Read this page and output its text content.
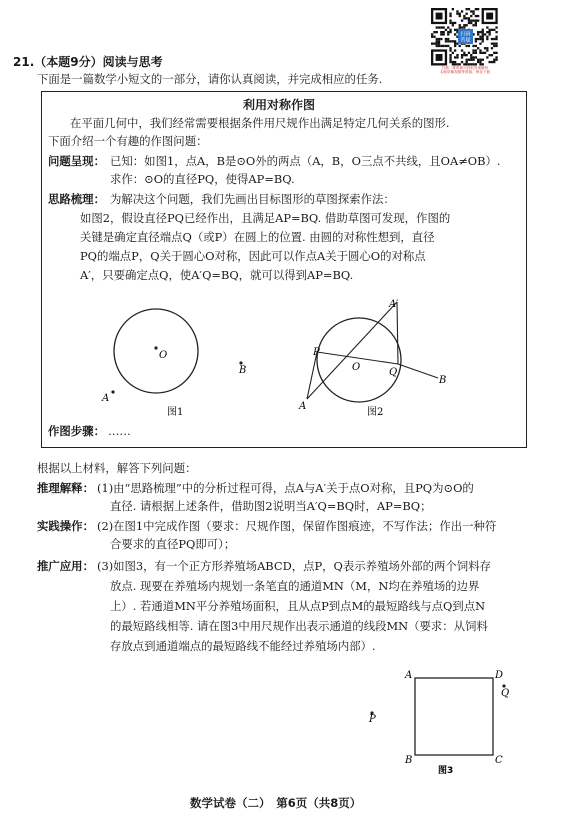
扫码
答疑
扫描二维码即可获取答案解析
名师讲解视频等资源，保存下载
21.（本题9分）阅读与思考
下面是一篇数学小短文的一部分，请你认真阅读，并完成相应的任务.
利用对称作图
在平面几何中，我们经常需要根据条件用尺规作出满足特定几何关系的图形.
下面介绍一个有趣的作图问题：
问题呈现： 已知：如图1，点A，B是⊙O外的两点（A，B，O三点不共线，且OA≠OB）.
求作：⊙O的直径PQ，使得AP=BQ.
思路梳理： 为解决这个问题，我们先画出目标图形的草图探索作法：
如图2，假设直径PQ已经作出，且满足AP=BQ. 借助草图可发现，作图的
关键是确定直径端点Q（或P）在圆上的位置. 由圆的对称性想到，直径
PQ的端点P，Q关于圆心O对称，因此可以作点A关于圆心O的对称点
A′，只要确定点Q，使A′Q=BQ，就可以得到AP=BQ.
O
B
A
图1
P
O	Q
B
A
A′
图2
作图步骤： ……
根据以上材料，解答下列问题：
推理解释： (1)由“思路梳理”中的分析过程可得，点A与A′关于点O对称，且PQ为⊙O的
直径. 请根据上述条件，借助图2说明当A′Q=BQ时，AP=BQ；
实践操作： (2)在图1中完成作图（要求：尺规作图，保留作图痕迹，不写作法；作出一种符
合要求的直径PQ即可）；
推广应用： (3)如图3，有一个正方形养殖场ABCD，点P，Q表示养殖场外部的两个饲料存
放点. 现要在养殖场内规划一条笔直的通道MN（M，N均在养殖场的边界
上）. 若通道MN平分养殖场面积，且从点P到点M的最短路线与点Q到点N
的最短路线相等. 请在图3中用尺规作出表示通道的线段MN（要求：从饲料
存放点到通道端点的最短路线不能经过养殖场内部）.
A	D
B	C
P
Q
图3
数学试卷（二）　第6页（共8页）
